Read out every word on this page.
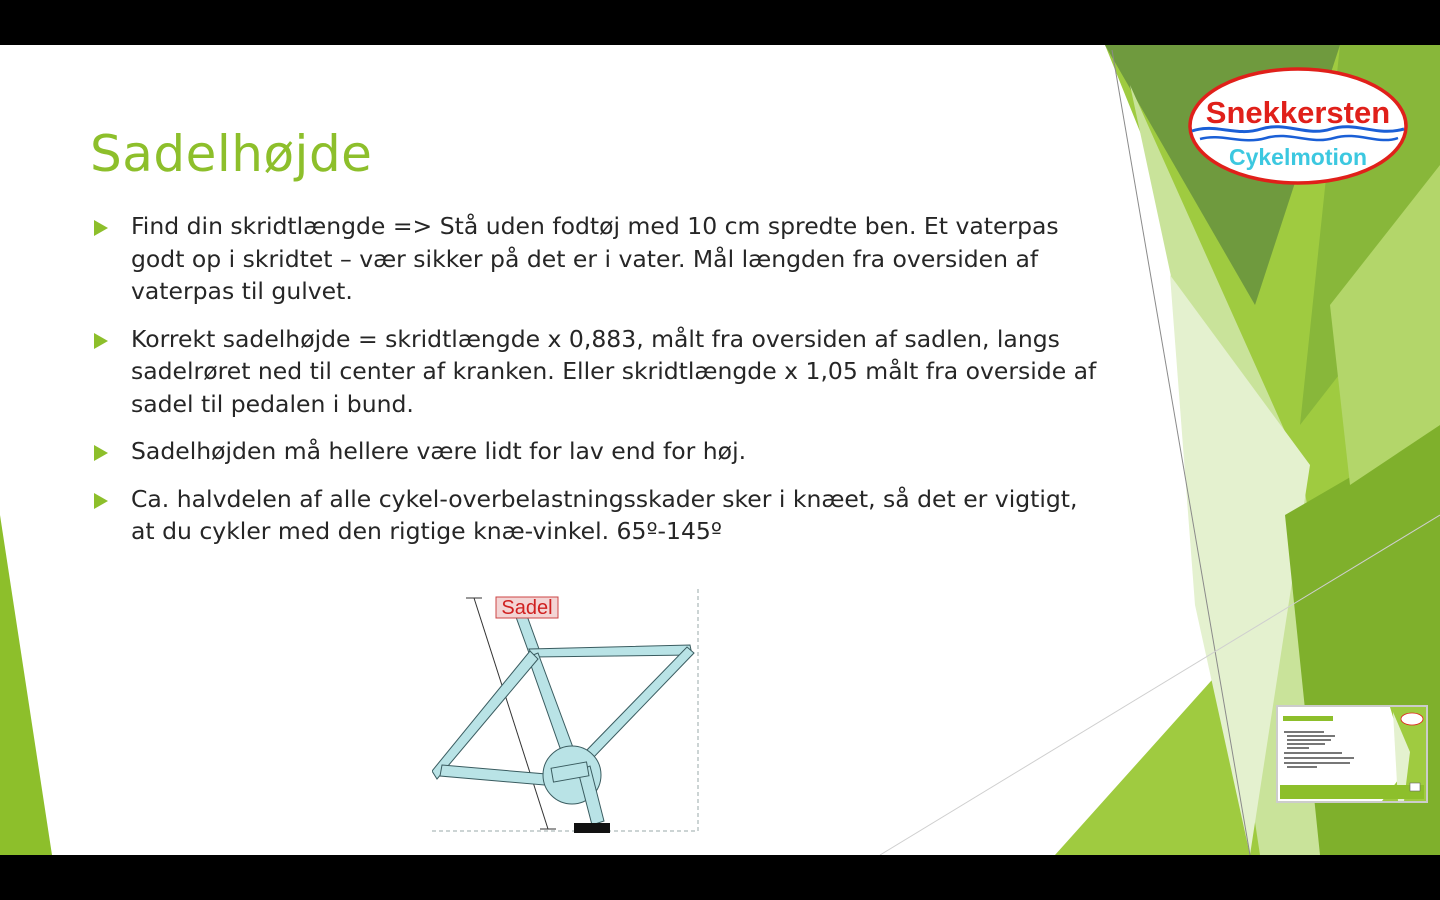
Sadelhøjde
Find din skridtlængde => Stå uden fodtøj med 10 cm spredte ben. Et vaterpas godt op i skridtet – vær sikker på det er i vater. Mål længden fra oversiden af vaterpas til gulvet.
Korrekt sadelhøjde = skridtlængde x 0,883, målt fra oversiden af sadlen, langs sadelrøret ned til center af kranken. Eller skridtlængde x 1,05 målt fra overside af sadel til pedalen i bund.
Sadelhøjden må hellere være lidt for lav end for høj.
Ca. halvdelen af alle cykel-overbelastningsskader sker i knæet, så det er vigtigt, at du cykler med den rigtige knæ-vinkel. 65º-145º
Snekkersten
Cykelmotion
Sadel
